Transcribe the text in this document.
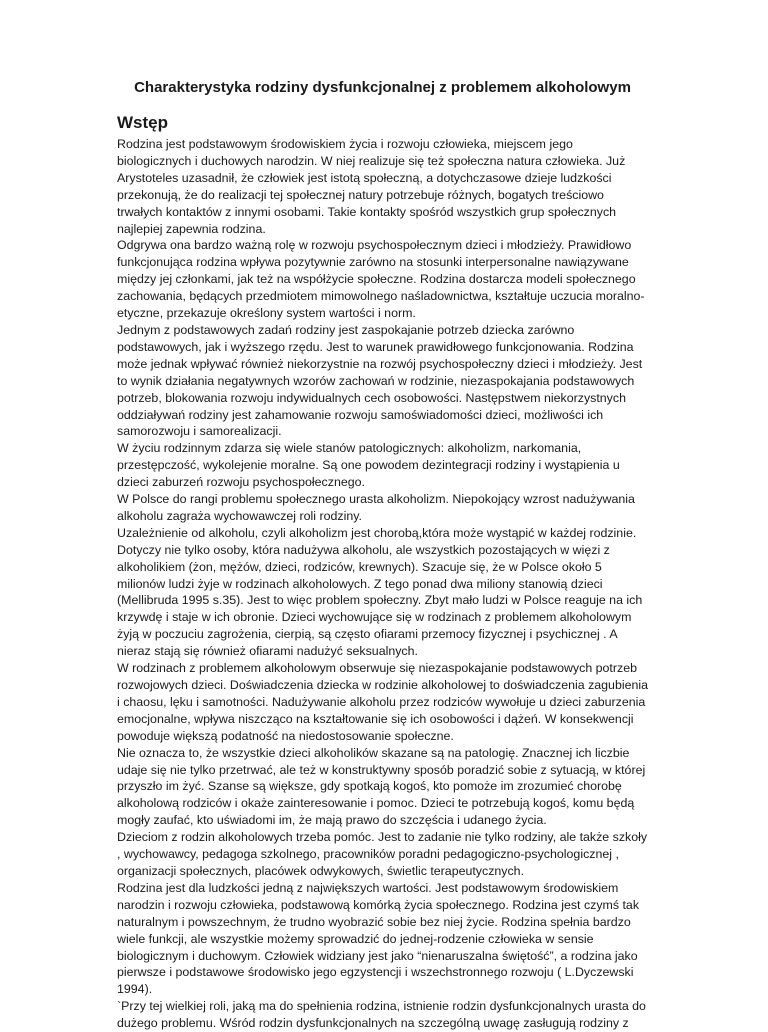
Charakterystyka rodziny dysfunkcjonalnej z problemem alkoholowym
Wstęp

Rodzina jest podstawowym środowiskiem życia i rozwoju człowieka, miejscem jego biologicznych i duchowych narodzin. W niej realizuje się też społeczna natura człowieka. Już Arystoteles uzasadnił, że człowiek jest istotą społeczną, a dotychczasowe dzieje ludzkości przekonują, że do realizacji tej społecznej natury potrzebuje różnych, bogatych treściowo trwałych kontaktów z innymi osobami. Takie kontakty spośród wszystkich grup społecznych najlepiej zapewnia rodzina.

Odgrywa ona bardzo ważną rolę w rozwoju psychospołecznym dzieci i młodzieży. Prawidłowo funkcjonująca rodzina wpływa pozytywnie zarówno na stosunki interpersonalne nawiązywane między jej członkami, jak też na współżycie społeczne. Rodzina dostarcza modeli społecznego zachowania, będących przedmiotem mimowolnego naśladownictwa, kształtuje uczucia moralno-etyczne, przekazuje określony system wartości i norm.

Jednym z podstawowych zadań rodziny jest zaspokajanie potrzeb dziecka zarówno podstawowych, jak i wyższego rzędu. Jest to warunek prawidłowego funkcjonowania. Rodzina może jednak wpływać również niekorzystnie na rozwój psychospołeczny dzieci i młodzieży. Jest to wynik działania negatywnych wzorów zachowań w rodzinie, niezaspokajania podstawowych potrzeb, blokowania rozwoju indywidualnych cech osobowości. Następstwem niekorzystnych oddziaływań rodziny jest zahamowanie rozwoju samoświadomości dzieci, możliwości ich samorozwoju i samorealizacji.

W życiu rodzinnym zdarza się wiele stanów patologicznych: alkoholizm, narkomania, przestępczość, wykolejenie moralne. Są one powodem dezintegracji rodziny i wystąpienia u dzieci zaburzeń rozwoju psychospołecznego.

W Polsce do rangi problemu społecznego urasta alkoholizm. Niepokojący wzrost nadużywania alkoholu zagraża wychowawczej roli rodziny.

Uzależnienie od alkoholu, czyli alkoholizm jest chorobą,która może wystąpić w każdej rodzinie. Dotyczy nie tylko osoby, która nadużywa alkoholu, ale wszystkich pozostających w więzi z alkoholikiem (żon, mężów, dzieci, rodziców, krewnych). Szacuje się, że w Polsce około 5 milionów ludzi żyje w rodzinach alkoholowych. Z tego ponad dwa miliony stanowią dzieci (Mellibruda 1995 s.35). Jest to więc problem społeczny. Zbyt mało ludzi w Polsce reaguje na ich krzywdę i staje w ich obronie. Dzieci wychowujące się w rodzinach z problemem alkoholowym żyją w poczuciu zagrożenia, cierpią, są często ofiarami przemocy fizycznej i psychicznej . A nieraz stają się również ofiarami nadużyć seksualnych.

W rodzinach z problemem alkoholowym obserwuje się niezaspokajanie podstawowych potrzeb rozwojowych dzieci. Doświadczenia dziecka w rodzinie alkoholowej to doświadczenia zagubienia i chaosu, lęku i samotności. Nadużywanie alkoholu przez rodziców wywołuje u dzieci zaburzenia emocjonalne, wpływa niszcząco na kształtowanie się ich osobowości i dążeń. W konsekwencji powoduje większą podatność na niedostosowanie społeczne.

Nie oznacza to, że wszystkie dzieci alkoholików skazane są na patologię. Znacznej ich liczbie udaje się nie tylko przetrwać, ale też w konstruktywny sposób poradzić sobie z sytuacją, w której przyszło im żyć. Szanse są większe, gdy spotkają kogoś, kto pomoże im zrozumieć chorobę alkoholową rodziców i okaże zainteresowanie i pomoc. Dzieci te potrzebują kogoś, komu będą mogły zaufać, kto uświadomi im, że mają prawo do szczęścia i udanego życia.

Dzieciom z rodzin alkoholowych trzeba pomóc. Jest to zadanie nie tylko rodziny, ale także szkoły , wychowawcy, pedagoga szkolnego, pracowników poradni pedagogiczno-psychologicznej , organizacji społecznych, placówek odwykowych, świetlic terapeutycznych.

Rodzina jest dla ludzkości jedną z największych wartości. Jest podstawowym środowiskiem narodzin i rozwoju człowieka, podstawową komórką życia społecznego. Rodzina jest czymś tak naturalnym i powszechnym, że trudno wyobrazić sobie bez niej życie. Rodzina spełnia bardzo wiele funkcji, ale wszystkie możemy sprowadzić do jednej-rodzenie człowieka w sensie biologicznym i duchowym. Człowiek widziany jest jako “nienaruszalna świętość”, a rodzina jako pierwsze i podstawowe środowisko jego egzystencji i wszechstronnego rozwoju ( L.Dyczewski 1994).

`Przy tej wielkiej roli, jaką ma do spełnienia rodzina, istnienie rodzin dysfunkcjonalnych urasta do dużego problemu. Wśród rodzin dysfunkcjonalnych na szczególną uwagę zasługują rodziny z
